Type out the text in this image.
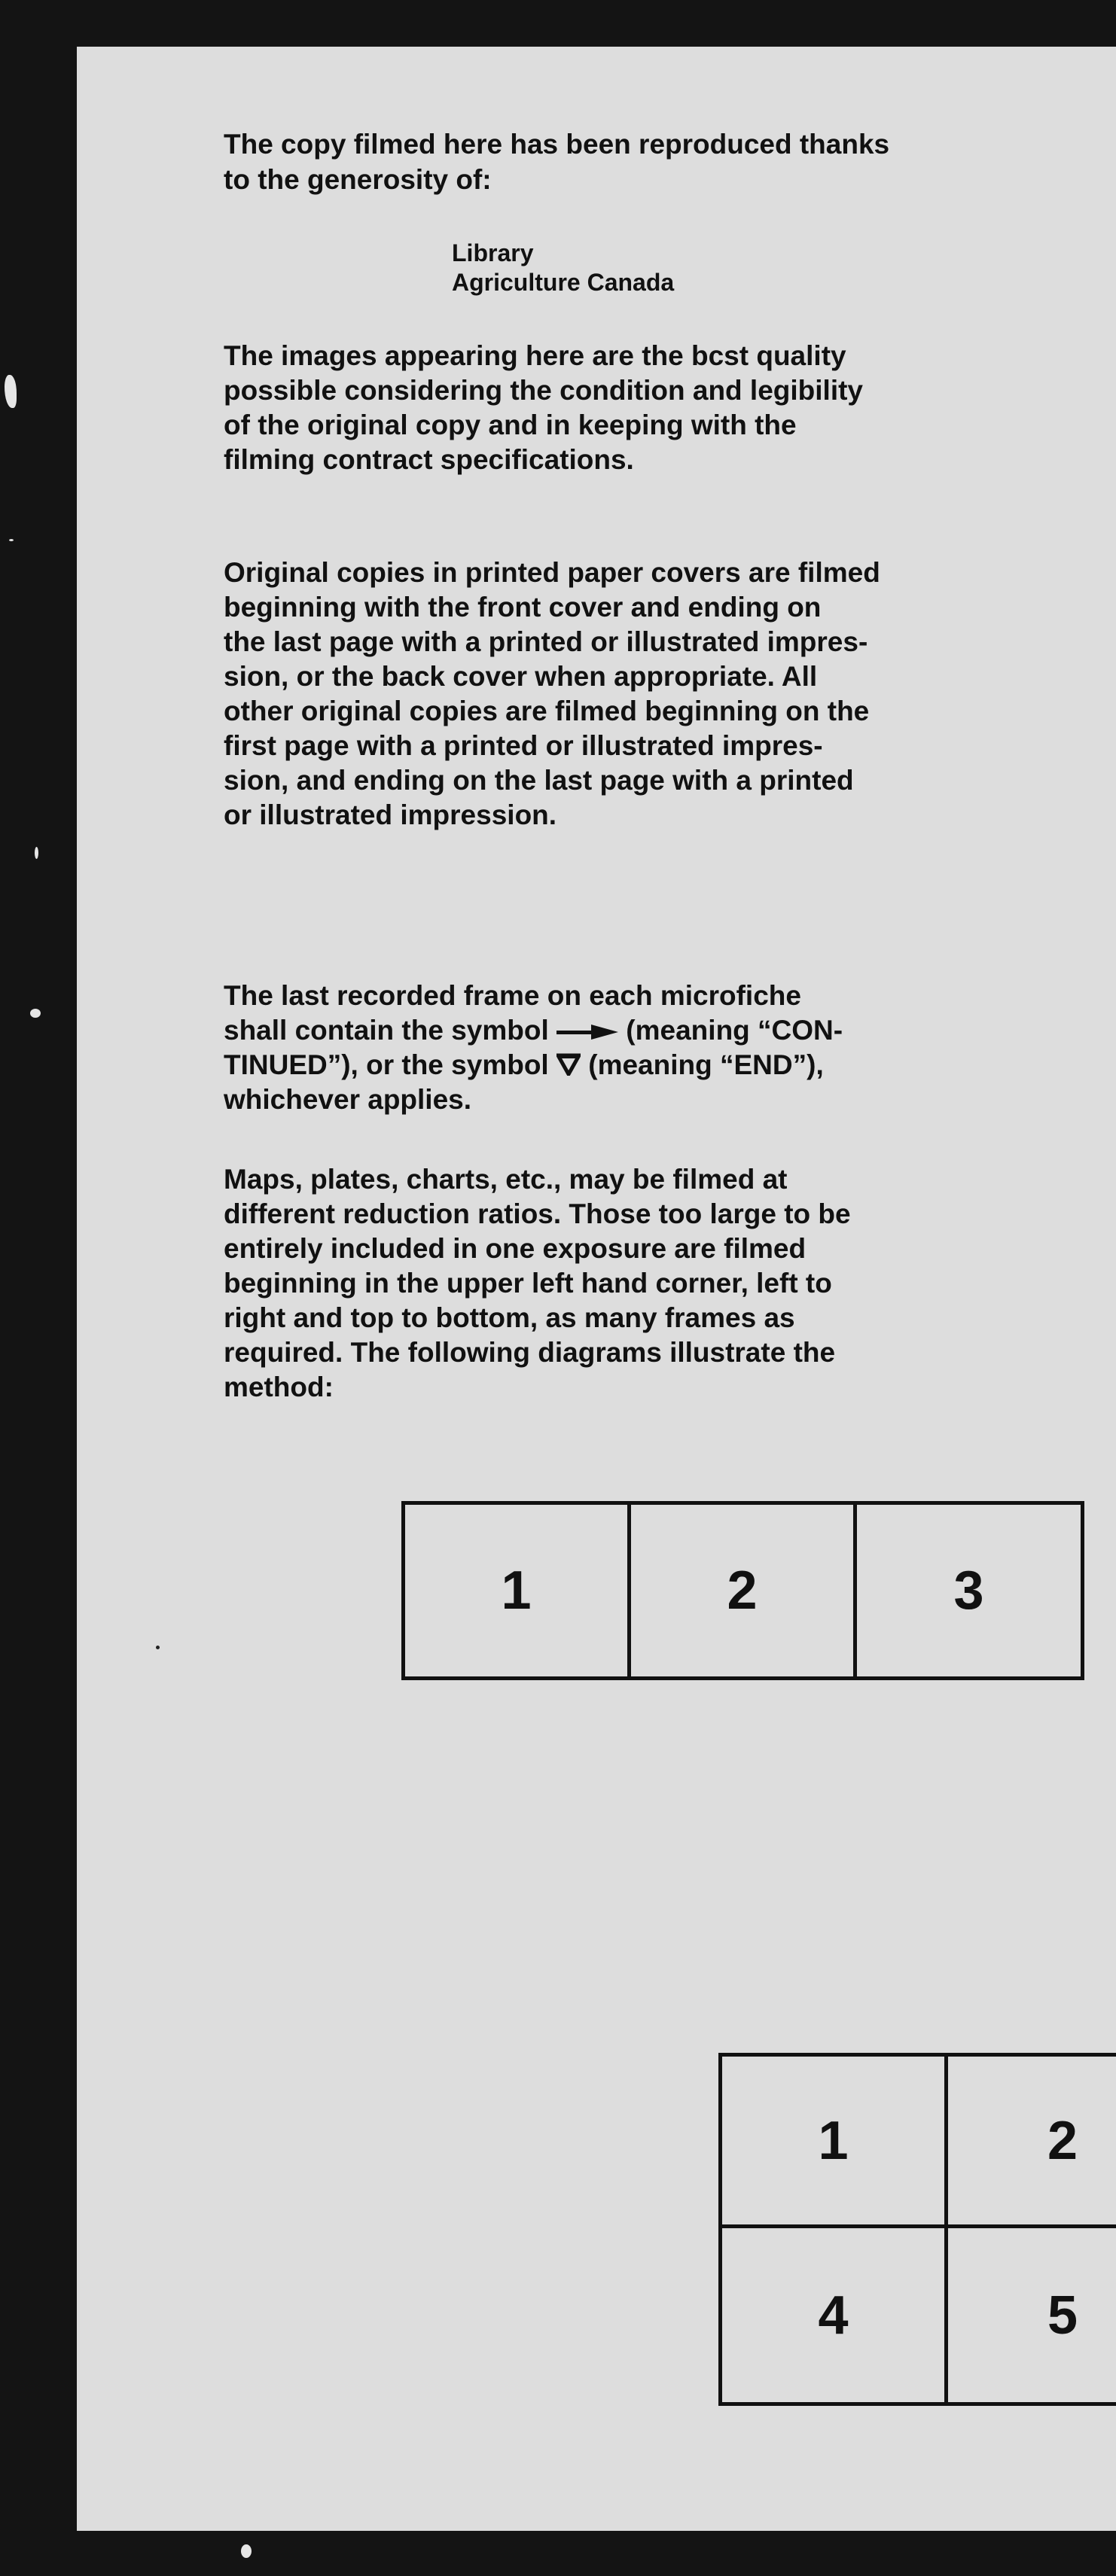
The copy filmed here has been reproduced thanks

to the generosity of:

Library

Agriculture Canada

The images appearing here are the bcst quality

possible considering the condition and legibility

of the original copy and in keeping with the

filming contract specifications.

Original copies in printed paper covers are filmed

beginning with the front cover and ending on

the last page with a printed or illustrated impres-

sion, or the back cover when appropriate. All

other original copies are filmed beginning on the

first page with a printed or illustrated impres-

sion, and ending on the last page with a printed

or illustrated impression.

The last recorded frame on each microfiche

shall contain the symbol  (meaning “CON-

TINUED”), or the symbol  (meaning “END”),

whichever applies.

Maps, plates, charts, etc., may be filmed at

different reduction ratios. Those too large to be

entirely included in one exposure are filmed

beginning in the upper left hand corner, left to

right and top to bottom, as many frames as

required. The following diagrams illustrate the

method:

1	2	3
1	2
4	5
